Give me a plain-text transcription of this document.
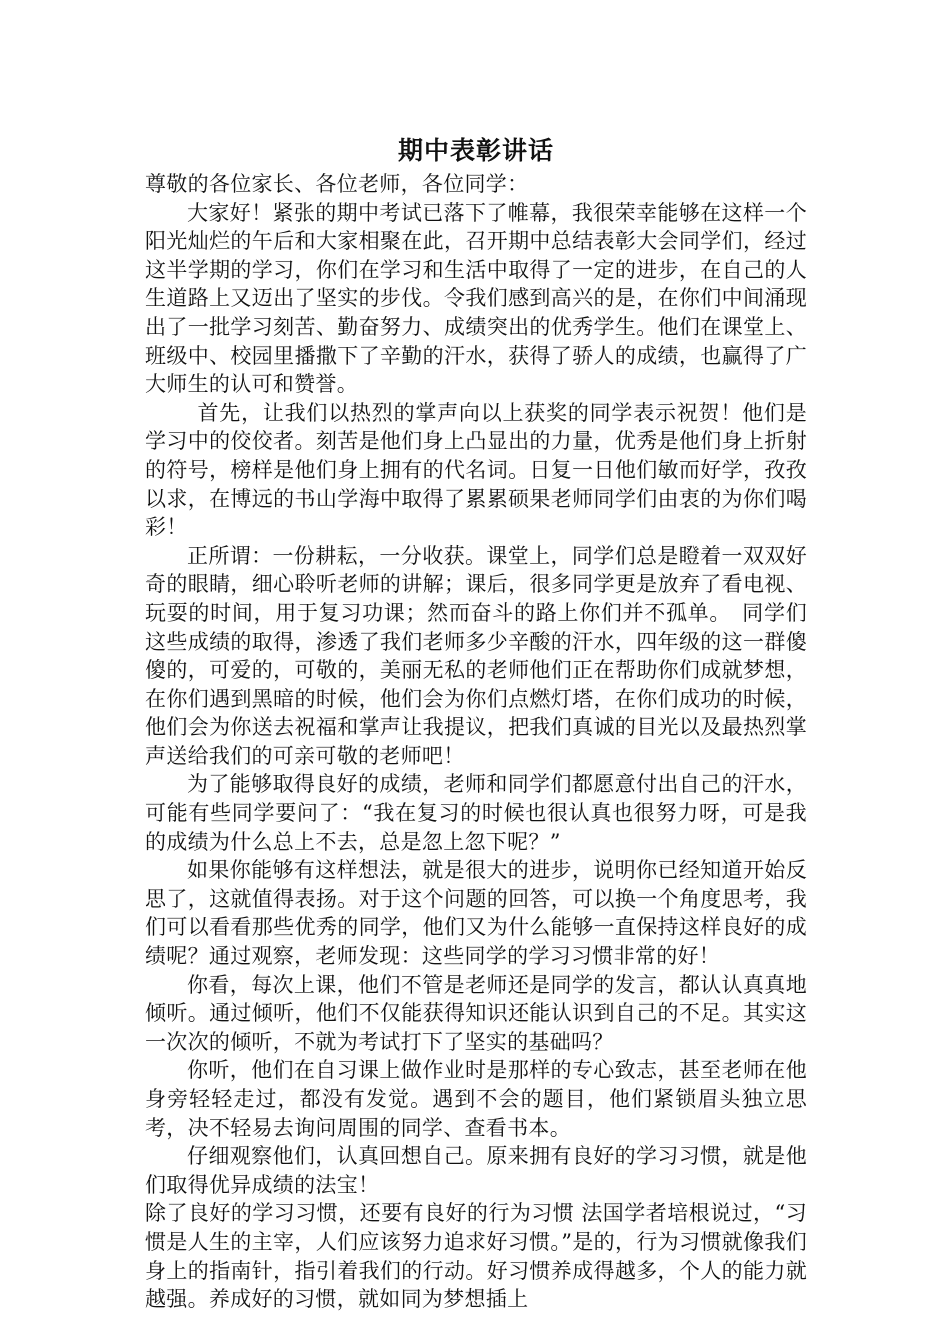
期中表彰讲话

尊敬的各位家长、各位老师，各位同学：

大家好！紧张的期中考试已落下了帷幕，我很荣幸能够在这样一个阳光灿烂的午后和大家相聚在此，召开期中总结表彰大会同学们，经过这半学期的学习，你们在学习和生活中取得了一定的进步，在自己的人生道路上又迈出了坚实的步伐。令我们感到高兴的是，在你们中间涌现出了一批学习刻苦、勤奋努力、成绩突出的优秀学生。他们在课堂上、班级中、校园里播撒下了辛勤的汗水，获得了骄人的成绩，也赢得了广大师生的认可和赞誉。

首先，让我们以热烈的掌声向以上获奖的同学表示祝贺！他们是学习中的佼佼者。刻苦是他们身上凸显出的力量，优秀是他们身上折射的符号，榜样是他们身上拥有的代名词。日复一日他们敏而好学，孜孜以求，在博远的书山学海中取得了累累硕果老师同学们由衷的为你们喝彩！

正所谓：一份耕耘，一分收获。课堂上，同学们总是瞪着一双双好奇的眼睛，细心聆听老师的讲解；课后，很多同学更是放弃了看电视、玩耍的时间，用于复习功课；然而奋斗的路上你们并不孤单。　同学们这些成绩的取得，渗透了我们老师多少辛酸的汗水，四年级的这一群傻傻的，可爱的，可敬的，美丽无私的老师他们正在帮助你们成就梦想，在你们遇到黑暗的时候，他们会为你们点燃灯塔，在你们成功的时候，他们会为你送去祝福和掌声让我提议，把我们真诚的目光以及最热烈掌声送给我们的可亲可敬的老师吧！

为了能够取得良好的成绩，老师和同学们都愿意付出自己的汗水，可能有些同学要问了：“我在复习的时候也很认真也很努力呀，可是我的成绩为什么总上不去，总是忽上忽下呢？”

如果你能够有这样想法，就是很大的进步，说明你已经知道开始反思了，这就值得表扬。对于这个问题的回答，可以换一个角度思考，我们可以看看那些优秀的同学，他们又为什么能够一直保持这样良好的成绩呢？通过观察，老师发现：这些同学的学习习惯非常的好！

你看，每次上课，他们不管是老师还是同学的发言，都认认真真地倾听。通过倾听，他们不仅能获得知识还能认识到自己的不足。其实这一次次的倾听，不就为考试打下了坚实的基础吗？

你听，他们在自习课上做作业时是那样的专心致志，甚至老师在他身旁轻轻走过，都没有发觉。遇到不会的题目，他们紧锁眉头独立思考，决不轻易去询问周围的同学、查看书本。

仔细观察他们，认真回想自己。原来拥有良好的学习习惯，就是他们取得优异成绩的法宝！

除了良好的学习习惯，还要有良好的行为习惯 法国学者培根说过，“习惯是人生的主宰，人们应该努力追求好习惯。”是的，行为习惯就像我们身上的指南针，指引着我们的行动。好习惯养成得越多，个人的能力就越强。养成好的习惯，就如同为梦想插上
